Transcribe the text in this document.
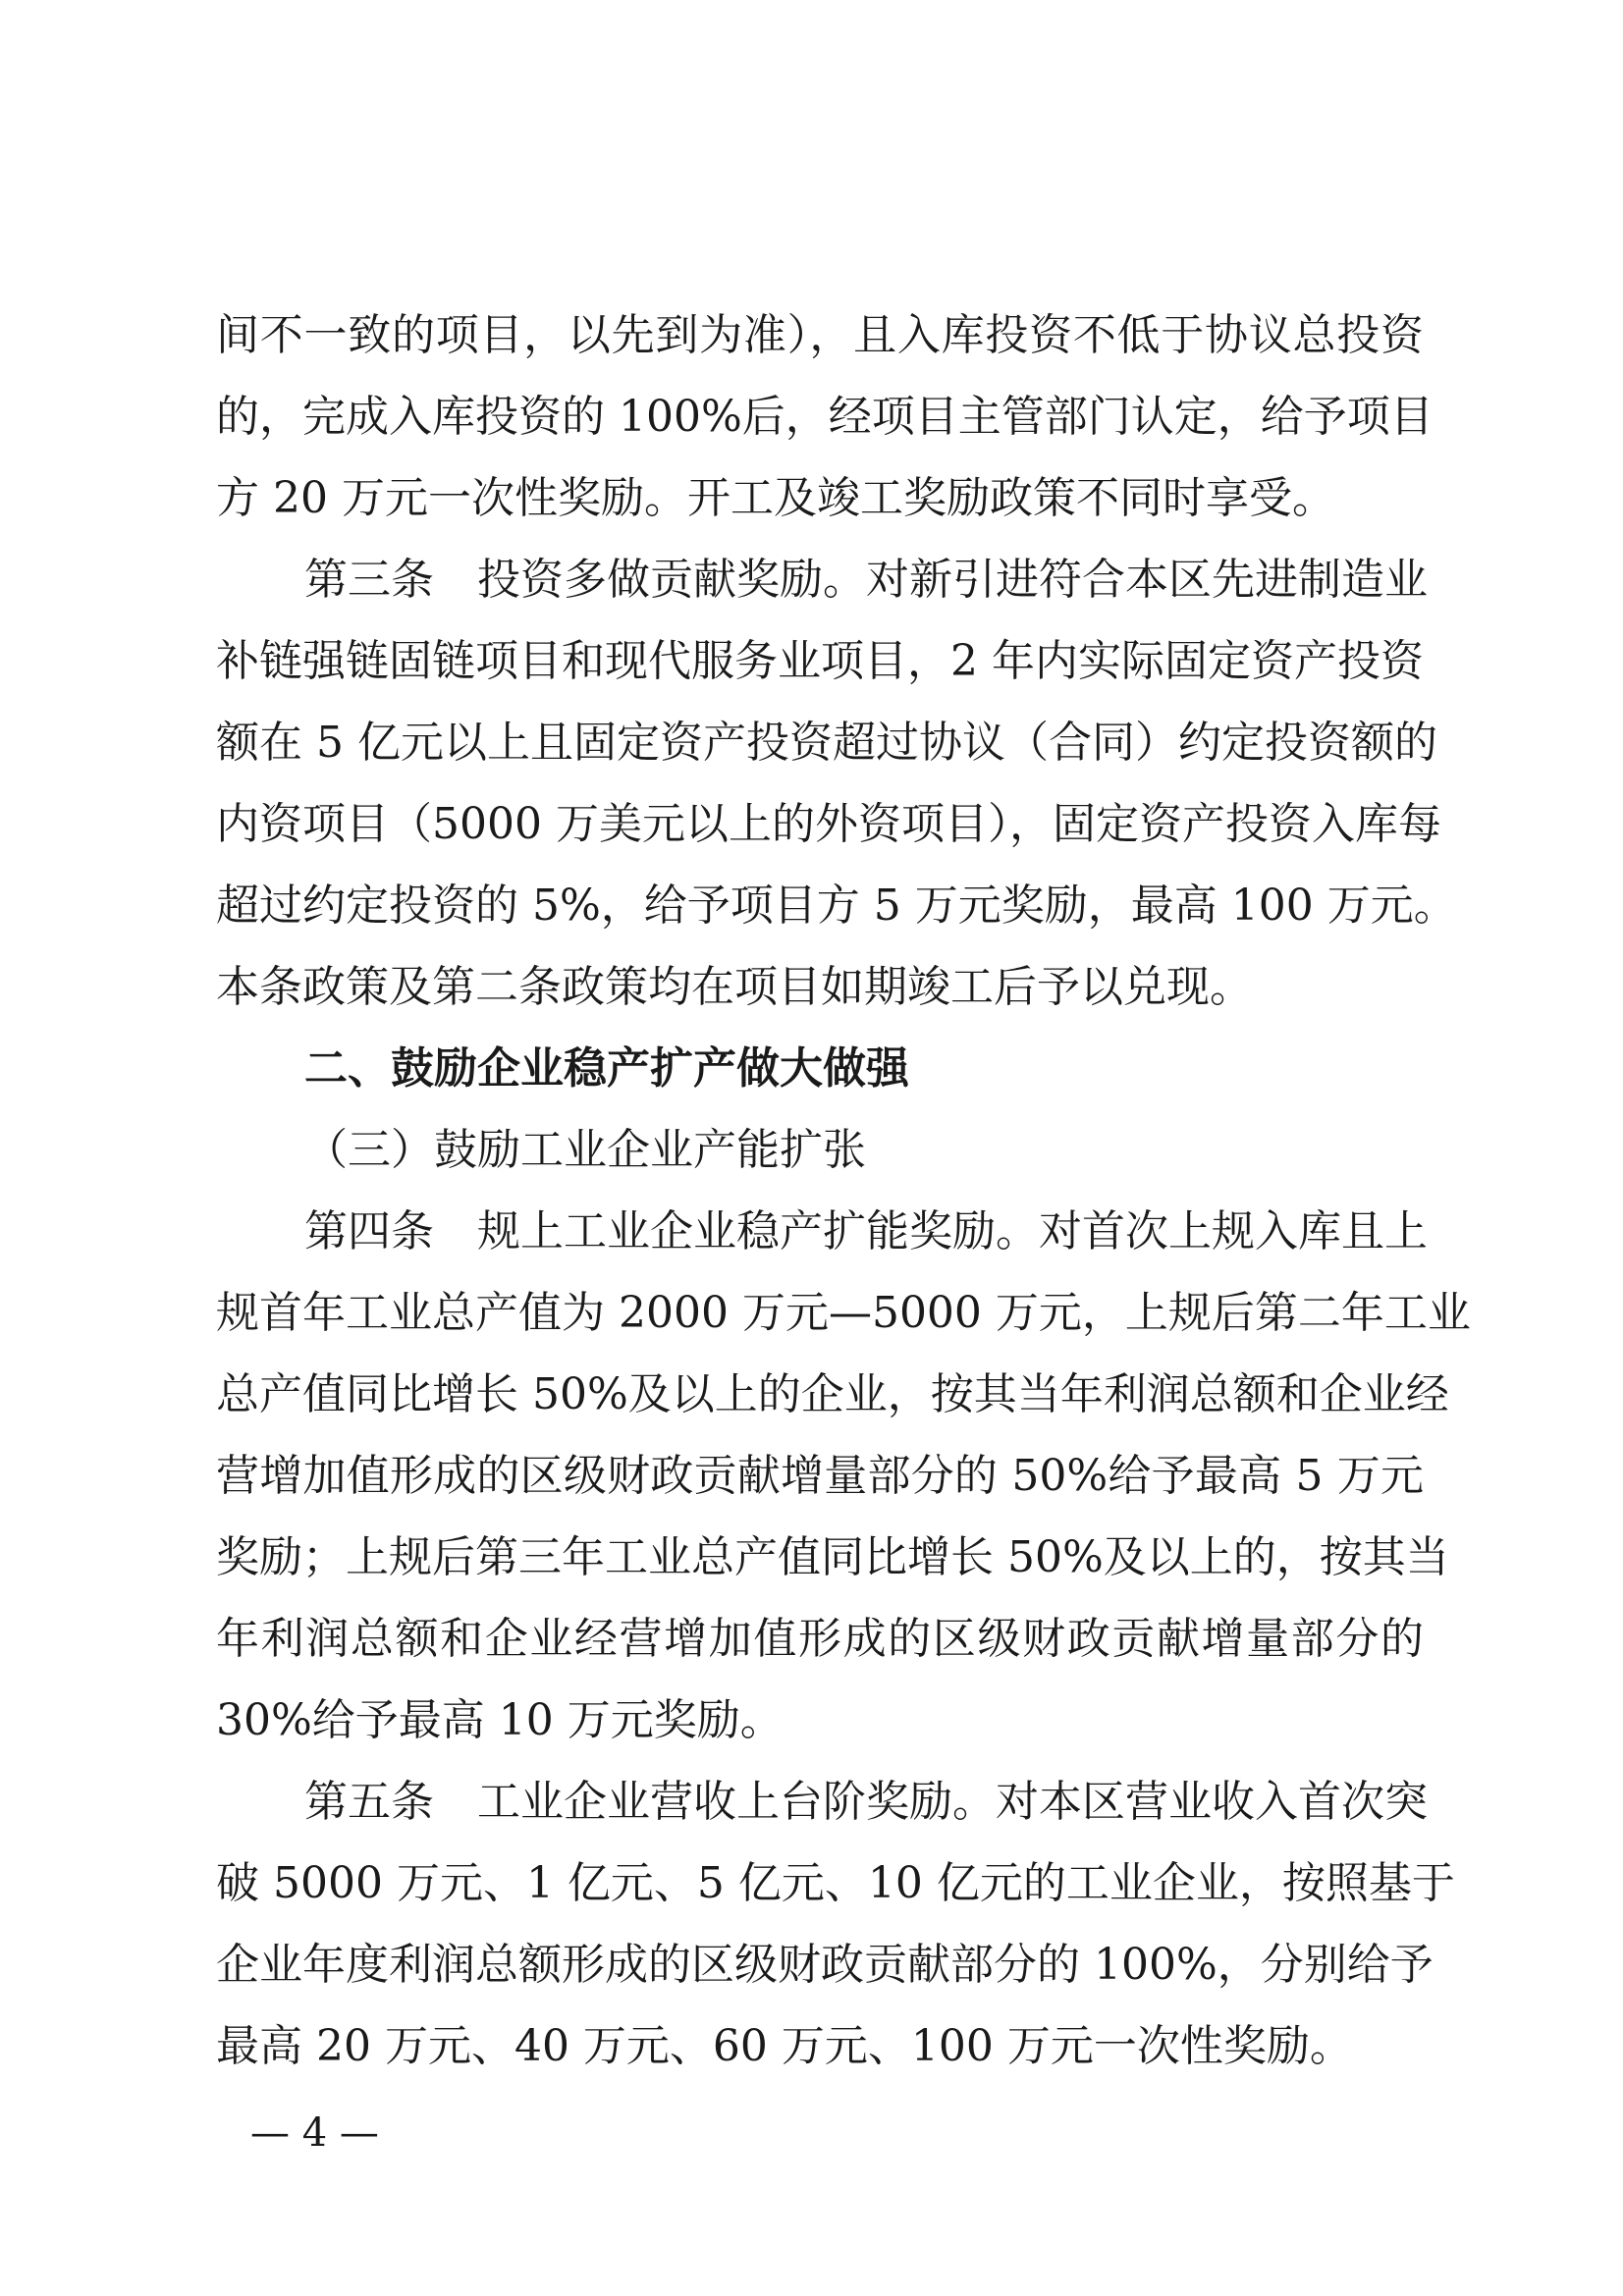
间不一致的项目，以先到为准），且入库投资不低于协议总投资
的，完成入库投资的 100%后，经项目主管部门认定，给予项目
方 20 万元一次性奖励。开工及竣工奖励政策不同时享受。
第三条　投资多做贡献奖励。对新引进符合本区先进制造业
补链强链固链项目和现代服务业项目，2 年内实际固定资产投资
额在 5 亿元以上且固定资产投资超过协议（合同）约定投资额的
内资项目（5000 万美元以上的外资项目），固定资产投资入库每
超过约定投资的 5%，给予项目方 5 万元奖励，最高 100 万元。
本条政策及第二条政策均在项目如期竣工后予以兑现。
二、鼓励企业稳产扩产做大做强
（三）鼓励工业企业产能扩张
第四条　规上工业企业稳产扩能奖励。对首次上规入库且上
规首年工业总产值为 2000 万元—5000 万元，上规后第二年工业
总产值同比增长 50%及以上的企业，按其当年利润总额和企业经
营增加值形成的区级财政贡献增量部分的 50%给予最高 5 万元
奖励；上规后第三年工业总产值同比增长 50%及以上的，按其当
年利润总额和企业经营增加值形成的区级财政贡献增量部分的
30%给予最高 10 万元奖励。
第五条　工业企业营收上台阶奖励。对本区营业收入首次突
破 5000 万元、1 亿元、5 亿元、10 亿元的工业企业，按照基于
企业年度利润总额形成的区级财政贡献部分的 100%，分别给予
最高 20 万元、40 万元、60 万元、100 万元一次性奖励。
— 4 —
